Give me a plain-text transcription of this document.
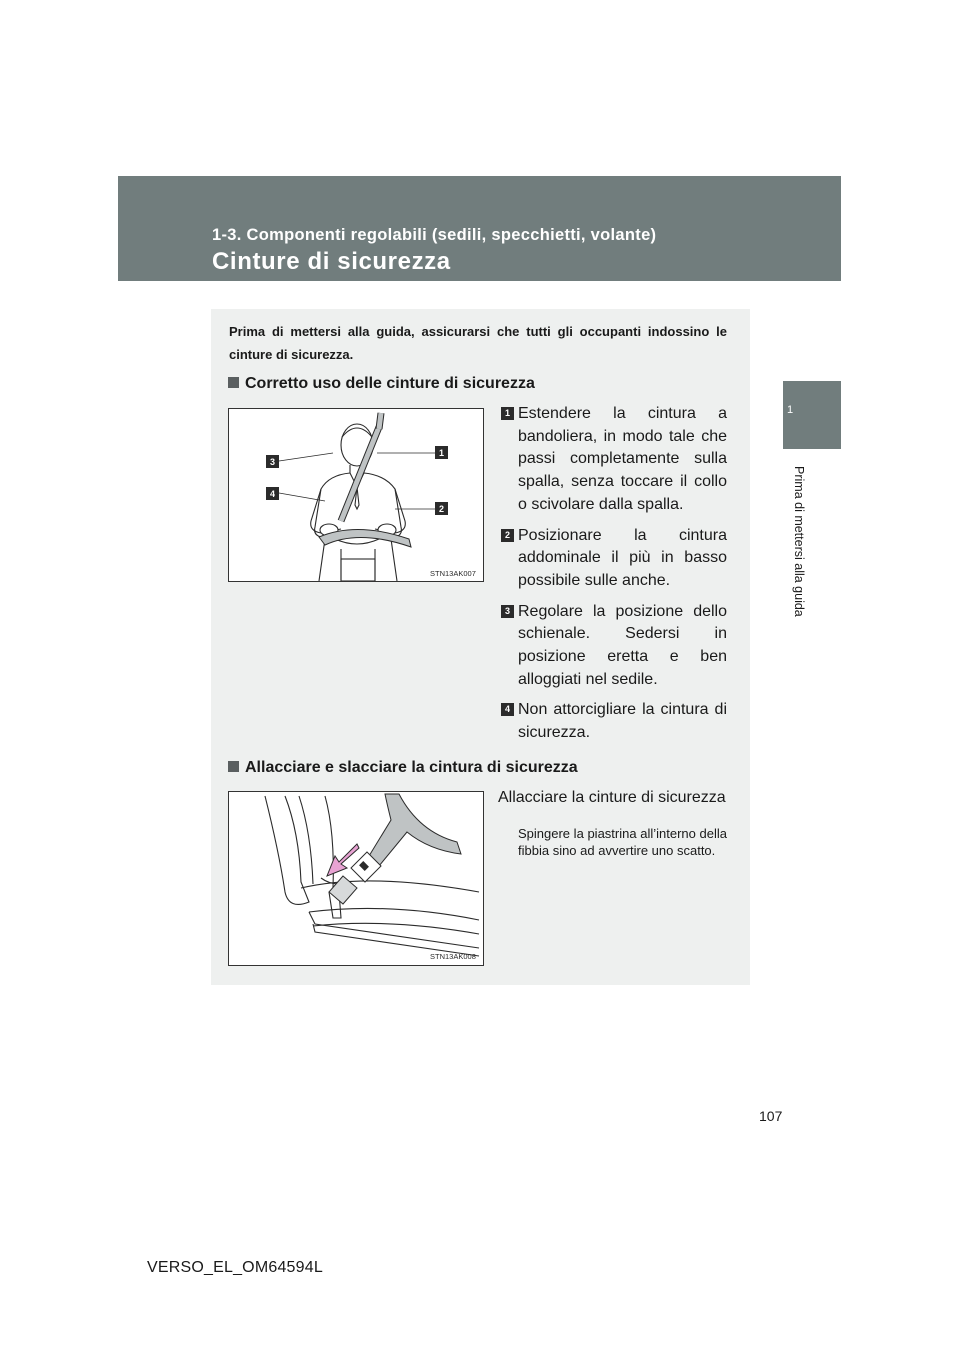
1-3. Componenti regolabili (sedili, specchietti, volante)
Cinture di sicurezza
1
Prima di mettersi alla guida
Prima di mettersi alla guida, assicurarsi che tutti gli occupanti indossino le cinture di sicurezza.
Corretto uso delle cinture di sicurezza
1
2
3
4
STN13AK007
1 Estendere la cintura a bandoliera, in modo tale che passi completamente sulla spalla, senza toccare il collo o scivolare dalla spalla.
2 Posizionare la cintura addominale il più in basso possibile sulle anche.
3 Regolare la posizione dello schienale. Sedersi in posizione eretta e ben alloggiati nel sedile.
4 Non attorcigliare la cintura di sicurezza.
Allacciare e slacciare la cintura di sicurezza
STN13AK008
Allacciare la cinture di sicurezza
Spingere la piastrina all’interno della fibbia sino ad avvertire uno scatto.
107
VERSO_EL_OM64594L
